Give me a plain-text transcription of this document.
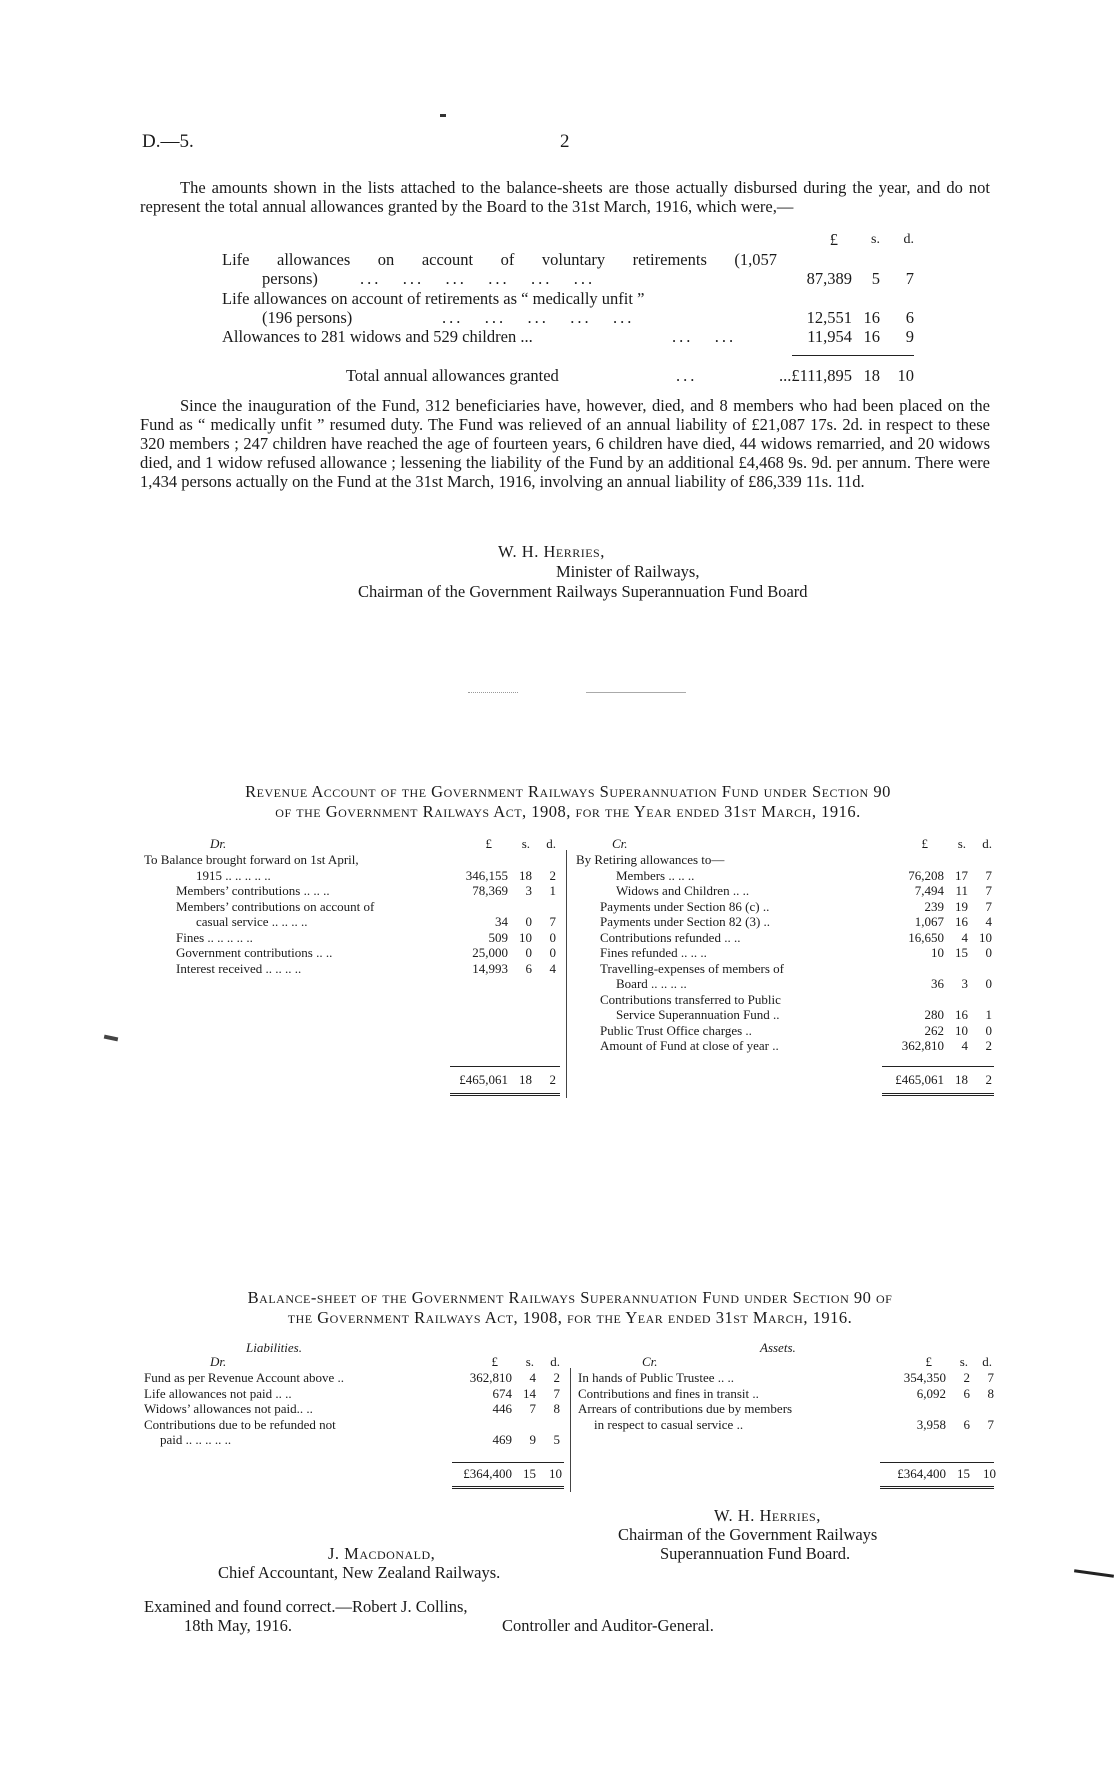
D.—5.	2
The amounts shown in the lists attached to the balance-sheets are those actually disbursed during the year, and do not represent the total annual allowances granted by the Board to the 31st March, 1916, which were,—
£	s.	d.
Life allowances on account of voluntary retirements (1,057
persons)	...   ...   ...   ...   ...   ...	87,389	5	7
Life allowances on account of retirements as “ medically unfit ”
(196 persons)	...   ...   ...   ...   ...	12,551 16	6
Allowances to 281 widows and 529 children ...	...   ...	11,954 16	9
Total annual allowances granted	...	...£111,895 18	10
Since the inauguration of the Fund, 312 beneficiaries have, however, died, and 8 members who had been placed on the Fund as “ medically unfit ” resumed duty. The Fund was relieved of an annual liability of £21,087 17s. 2d. in respect to these 320 members ; 247 children have reached the age of fourteen years, 6 children have died, 44 widows remarried, and 20 widows died, and 1 widow refused allowance ; lessening the liability of the Fund by an additional £4,468 9s. 9d. per annum. There were 1,434 persons actually on the Fund at the 31st March, 1916, involving an annual liability of £86,339 11s. 11d.
W. H. Herries,
Minister of Railways,
Chairman of the Government Railways Superannuation Fund Board
Revenue Account of the Government Railways Superannuation Fund under Section 90
of the Government Railways Act, 1908, for the Year ended 31st March, 1916.
Dr.	£	s.	d.	Cr.	£	s.	d.
To Balance brought forward on 1st April,
1915 .. .. .. .. ..	346,155 18	2
Members’ contributions .. .. ..	78,369	3	1
Members’ contributions on account of
casual service .. .. .. ..	34	0	7
Fines .. .. .. .. ..	509 10	0
Government contributions .. ..	25,000	0	0
Interest received .. .. .. ..	14,993	6	4
By Retiring allowances to—
Members .. .. ..	76,208 17	7
Widows and Children .. ..	7,494 11	7
Payments under Section 86 (c) ..	239 19	7
Payments under Section 82 (3) ..	1,067 16	4
Contributions refunded .. ..	16,650	4 10
Fines refunded .. .. ..	10 15	0
Travelling-expenses of members of
Board .. .. .. ..	36	3	0
Contributions transferred to Public
Service Superannuation Fund ..	280 16	1
Public Trust Office charges ..	262 10	0
Amount of Fund at close of year ..	362,810	4	2
£465,061 18	2	£465,061 18	2
Balance-sheet of the Government Railways Superannuation Fund under Section 90 of
the Government Railways Act, 1908, for the Year ended 31st March, 1916.
Liabilities.	Assets.
Dr.	£	s.	d.	Cr.	£	s.	d.
Fund as per Revenue Account above ..	362,810	4	2
Life allowances not paid .. ..	674 14	7
Widows’ allowances not paid.. ..	446	7	8
Contributions due to be refunded not
paid .. .. .. .. ..	469	9	5
In hands of Public Trustee .. ..	354,350	2	7
Contributions and fines in transit ..	6,092	6	8
Arrears of contributions due by members
in respect to casual service ..	3,958	6	7
£364,400 15	10	£364,400 15	10
W. H. Herries,
Chairman of the Government Railways
Superannuation Fund Board.
J. Macdonald,
Chief Accountant, New Zealand Railways.
Examined and found correct.—Robert J. Collins,
18th May, 1916.	Controller and Auditor-General.
